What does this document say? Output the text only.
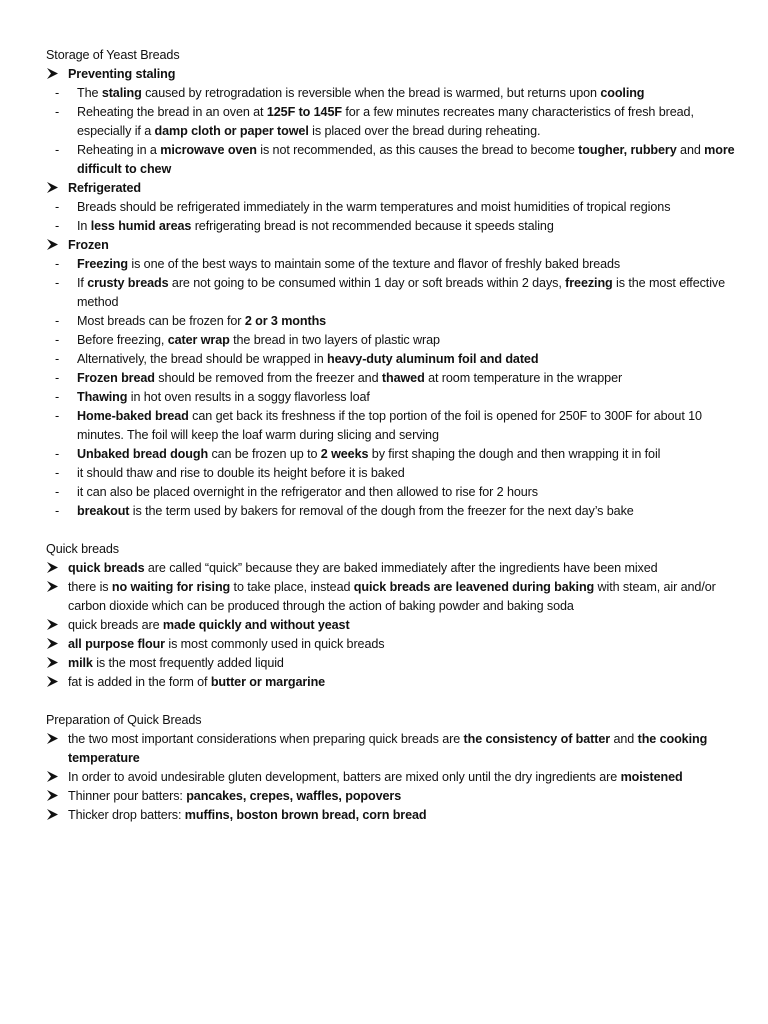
Storage of Yeast Breads
Preventing staling
- The staling caused by retrogradation is reversible when the bread is warmed, but returns upon cooling
- Reheating the bread in an oven at 125F to 145F for a few minutes recreates many characteristics of fresh bread, especially if a damp cloth or paper towel is placed over the bread during reheating.
- Reheating in a microwave oven is not recommended, as this causes the bread to become tougher, rubbery and more difficult to chew
Refrigerated
- Breads should be refrigerated immediately in the warm temperatures and moist humidities of tropical regions
- In less humid areas refrigerating bread is not recommended because it speeds staling
Frozen
- Freezing is one of the best ways to maintain some of the texture and flavor of freshly baked breads
- If crusty breads are not going to be consumed within 1 day or soft breads within 2 days, freezing is the most effective method
- Most breads can be frozen for 2 or 3 months
- Before freezing, cater wrap the bread in two layers of plastic wrap
- Alternatively, the bread should be wrapped in heavy-duty aluminum foil and dated
- Frozen bread should be removed from the freezer and thawed at room temperature in the wrapper
- Thawing in hot oven results in a soggy flavorless loaf
- Home-baked bread can get back its freshness if the top portion of the foil is opened for 250F to 300F for about 10 minutes. The foil will keep the loaf warm during slicing and serving
- Unbaked bread dough can be frozen up to 2 weeks by first shaping the dough and then wrapping it in foil
- it should thaw and rise to double its height before it is baked
- it can also be placed overnight in the refrigerator and then allowed to rise for 2 hours
- breakout is the term used by bakers for removal of the dough from the freezer for the next day’s bake
Quick breads
quick breads are called “quick” because they are baked immediately after the ingredients have been mixed
there is no waiting for rising to take place, instead quick breads are leavened during baking with steam, air and/or carbon dioxide which can be produced through the action of baking powder and baking soda
quick breads are made quickly and without yeast
all purpose flour is most commonly used in quick breads
milk is the most frequently added liquid
fat is added in the form of butter or margarine
Preparation of Quick Breads
the two most important considerations when preparing quick breads are the consistency of batter and the cooking temperature
In order to avoid undesirable gluten development, batters are mixed only until the dry ingredients are moistened
Thinner pour batters: pancakes, crepes, waffles, popovers
Thicker drop batters: muffins, boston brown bread, corn bread
